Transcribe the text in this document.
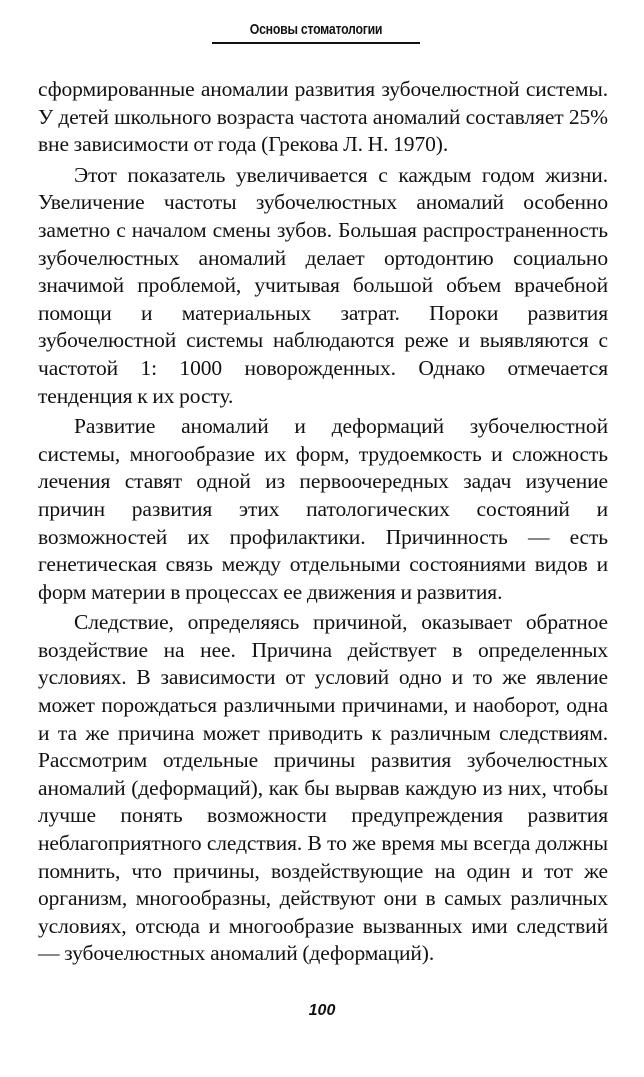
Основы стоматологии

сформированные аномалии развития зубочелюстной системы. У детей школьного возраста частота аномалий составляет 25% вне зависимости от года (Грекова Л. Н. 1970).

Этот показатель увеличивается с каждым годом жизни. Увеличение частоты зубочелюстных аномалий особенно заметно с началом смены зубов. Большая распространенность зубочелюстных аномалий делает ортодонтию социально значимой проблемой, учитывая большой объем врачебной помощи и материальных затрат. Пороки развития зубочелюстной системы наблюдаются реже и выявляются с частотой 1: 1000 новорожденных. Однако отмечается тенденция к их росту.

Развитие аномалий и деформаций зубочелюстной системы, многообразие их форм, трудоемкость и сложность лечения ставят одной из первоочередных задач изучение причин развития этих патологических состояний и возможностей их профилактики. Причинность — есть генетическая связь между отдельными состояниями видов и форм материи в процессах ее движения и развития.

Следствие, определяясь причиной, оказывает обратное воздействие на нее. Причина действует в определенных условиях. В зависимости от условий одно и то же явление может порождаться различными причинами, и наоборот, одна и та же причина может приводить к различным следствиям. Рассмотрим отдельные причины развития зубочелюстных аномалий (деформаций), как бы вырвав каждую из них, чтобы лучше понять возможности предупреждения развития неблагоприятного следствия. В то же время мы всегда должны помнить, что причины, воздействующие на один и тот же организм, многообразны, действуют они в самых различных условиях, отсюда и многообразие вызванных ими следствий — зубочелюстных аномалий (деформаций).

100
